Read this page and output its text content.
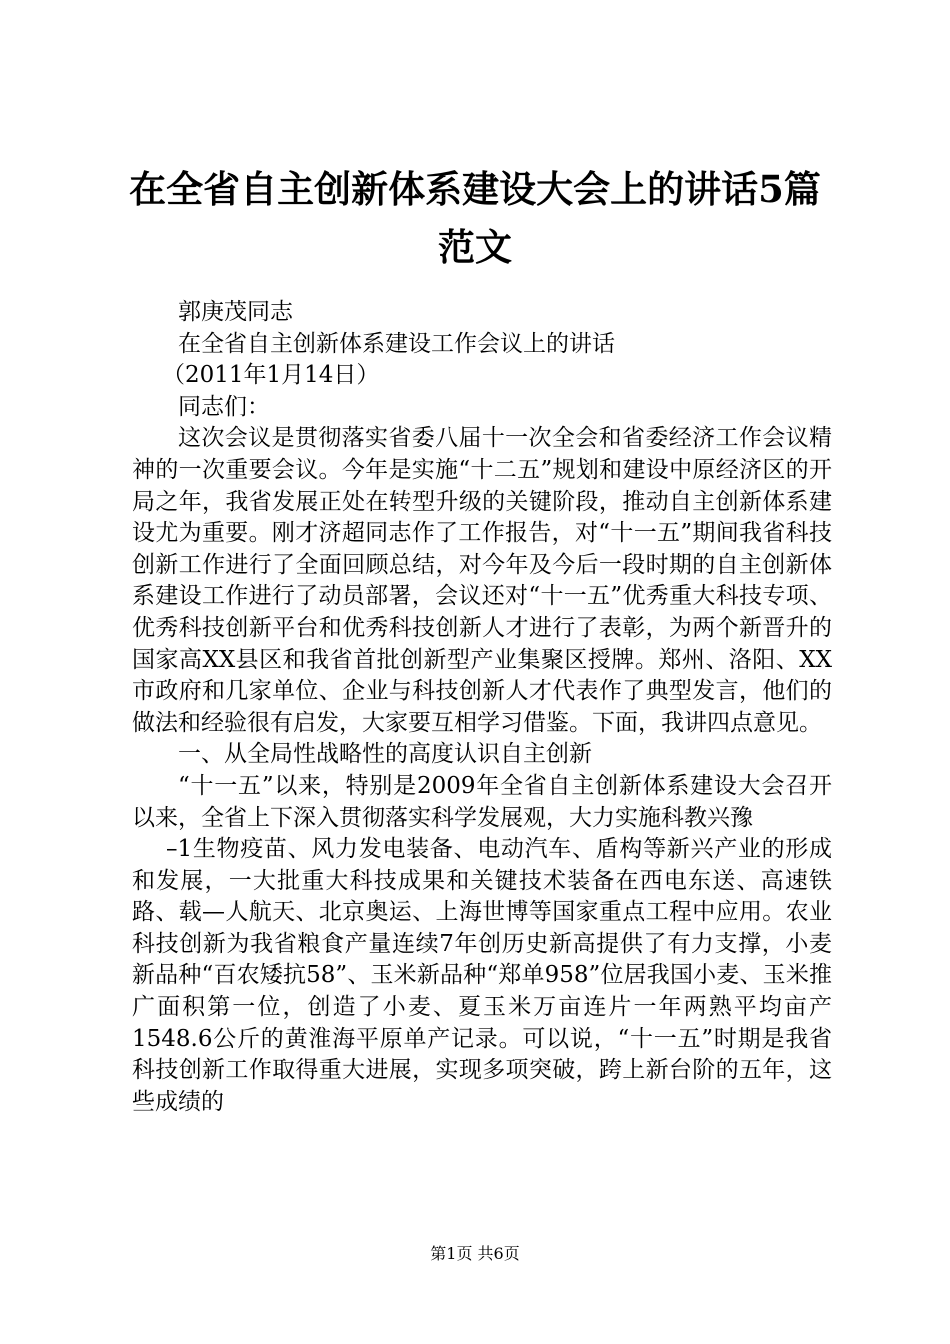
在全省自主创新体系建设大会上的讲话5篇范文

郭庚茂同志

在全省自主创新体系建设工作会议上的讲话

（2011年1月14日）

同志们：

这次会议是贯彻落实省委八届十一次全会和省委经济工作会议精神的一次重要会议。今年是实施“十二五”规划和建设中原经济区的开局之年，我省发展正处在转型升级的关键阶段，推动自主创新体系建设尤为重要。刚才济超同志作了工作报告，对“十一五”期间我省科技创新工作进行了全面回顾总结，对今年及今后一段时期的自主创新体系建设工作进行了动员部署，会议还对“十一五”优秀重大科技专项、优秀科技创新平台和优秀科技创新人才进行了表彰，为两个新晋升的国家高XX县区和我省首批创新型产业集聚区授牌。郑州、洛阳、XX市政府和几家单位、企业与科技创新人才代表作了典型发言，他们的做法和经验很有启发，大家要互相学习借鉴。下面，我讲四点意见。

一、从全局性战略性的高度认识自主创新

“十一五”以来，特别是2009年全省自主创新体系建设大会召开以来，全省上下深入贯彻落实科学发展观，大力实施科教兴豫

–1生物疫苗、风力发电装备、电动汽车、盾构等新兴产业的形成和发展，一大批重大科技成果和关键技术装备在西电东送、高速铁路、载—人航天、北京奥运、上海世博等国家重点工程中应用。农业科技创新为我省粮食产量连续7年创历史新高提供了有力支撑，小麦新品种“百农矮抗58”、玉米新品种“郑单958”位居我国小麦、玉米推广面积第一位，创造了小麦、夏玉米万亩连片一年两熟平均亩产1548.6公斤的黄淮海平原单产记录。可以说，“十一五”时期是我省科技创新工作取得重大进展，实现多项突破，跨上新台阶的五年，这些成绩的

第1页 共6页
